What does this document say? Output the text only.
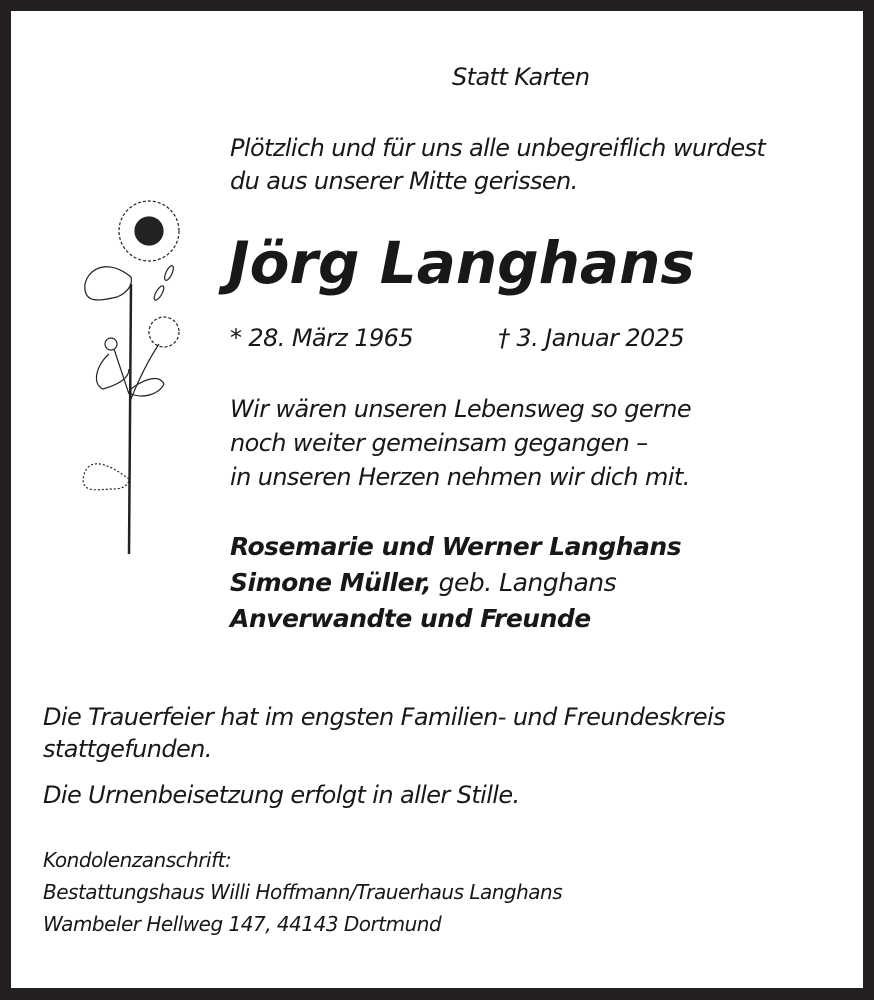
Statt Karten
Plötzlich und für uns alle unbegreiflich wurdest
du aus unserer Mitte gerissen.
Jörg Langhans
* 28. März 1965	† 3. Januar 2025
Wir wären unseren Lebensweg so gerne
noch weiter gemeinsam gegangen –
in unseren Herzen nehmen wir dich mit.
Rosemarie und Werner Langhans
Simone Müller, geb. Langhans
Anverwandte und Freunde
Die Trauerfeier hat im engsten Familien- und Freundeskreis
stattgefunden.
Die Urnenbeisetzung erfolgt in aller Stille.
Kondolenzanschrift:
Bestattungshaus Willi Hoffmann/Trauerhaus Langhans
Wambeler Hellweg 147, 44143 Dortmund
